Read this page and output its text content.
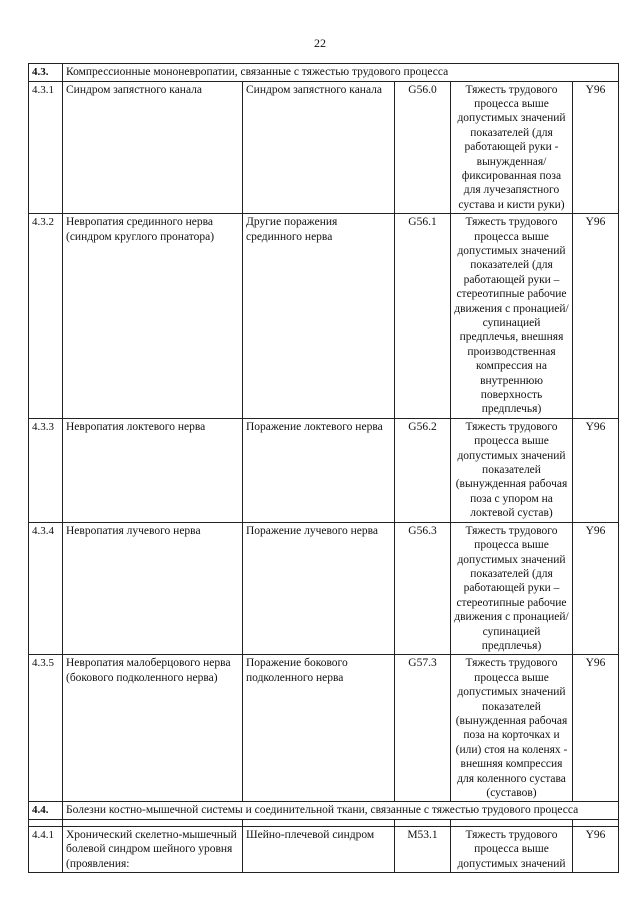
22
4.3.	Компрессионные мононевропатии, связанные с тяжестью трудового процесса				
4.3.1	Синдром запястного канала	Синдром запястного канала	G56.0	Тяжесть трудового процесса выше допустимых значений показателей (для работающей руки - вынужденная/ фиксированная поза для лучезапястного сустава и кисти руки)	Y96
4.3.2	Невропатия срединного нерва (синдром круглого пронатора)	Другие поражения срединного нерва	G56.1	Тяжесть трудового процесса выше допустимых значений показателей (для работающей руки – стереотипные рабочие движения с пронацией/супинацией предплечья, внешняя производственная компрессия на внутреннюю поверхность предплечья)	Y96
4.3.3	Невропатия локтевого нерва	Поражение локтевого нерва	G56.2	Тяжесть трудового процесса выше допустимых значений показателей (вынужденная рабочая поза с упором на локтевой сустав)	Y96
4.3.4	Невропатия лучевого нерва	Поражение лучевого нерва	G56.3	Тяжесть трудового процесса выше допустимых значений показателей (для работающей руки – стереотипные рабочие движения с пронацией/супинацией предплечья)	Y96
4.3.5	Невропатия малоберцового нерва (бокового подколенного нерва)	Поражение бокового подколенного нерва	G57.3	Тяжесть трудового процесса выше допустимых значений показателей (вынужденная рабочая поза на корточках и (или) стоя на коленях - внешняя компрессия для коленного сустава (суставов)	Y96
4.4.	Болезни костно-мышечной системы и соединительной ткани, связанные с тяжестью трудового процесса				

4.4.1	Хронический скелетно-мышечный болевой синдром шейного уровня (проявления:	Шейно-плечевой синдром	M53.1	Тяжесть трудового процесса выше допустимых значений	Y96
